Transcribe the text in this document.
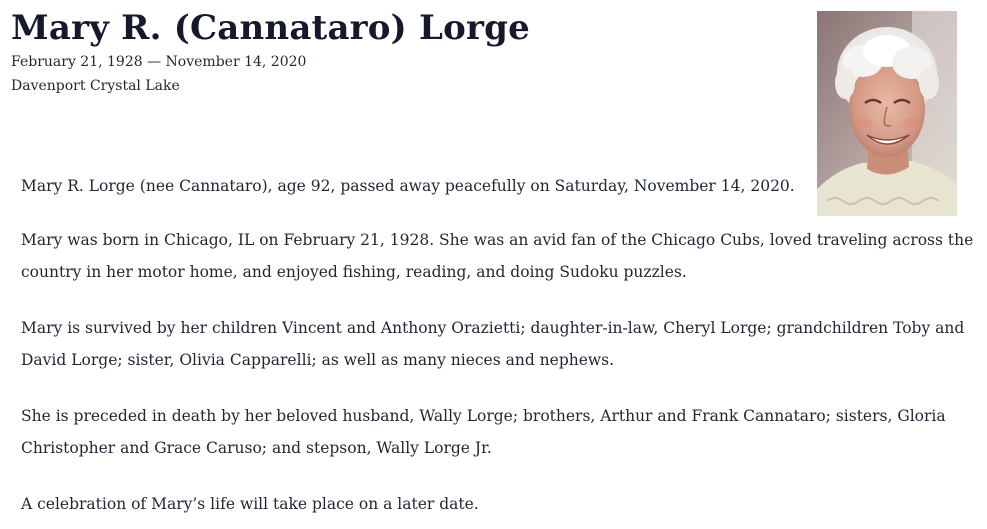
Mary R. (Cannataro) Lorge
February 21, 1928 — November 14, 2020
Davenport Crystal Lake

Mary R. Lorge (nee Cannataro), age 92, passed away peacefully on Saturday, November 14, 2020.

Mary was born in Chicago, IL on February 21, 1928. She was an avid fan of the Chicago Cubs, loved traveling across the country in her motor home, and enjoyed fishing, reading, and doing Sudoku puzzles.

Mary is survived by her children Vincent and Anthony Orazietti; daughter-in-law, Cheryl Lorge; grandchildren Toby and David Lorge; sister, Olivia Capparelli; as well as many nieces and nephews.

She is preceded in death by her beloved husband, Wally Lorge; brothers, Arthur and Frank Cannataro; sisters, Gloria Christopher and Grace Caruso; and stepson, Wally Lorge Jr.

A celebration of Mary’s life will take place on a later date.
